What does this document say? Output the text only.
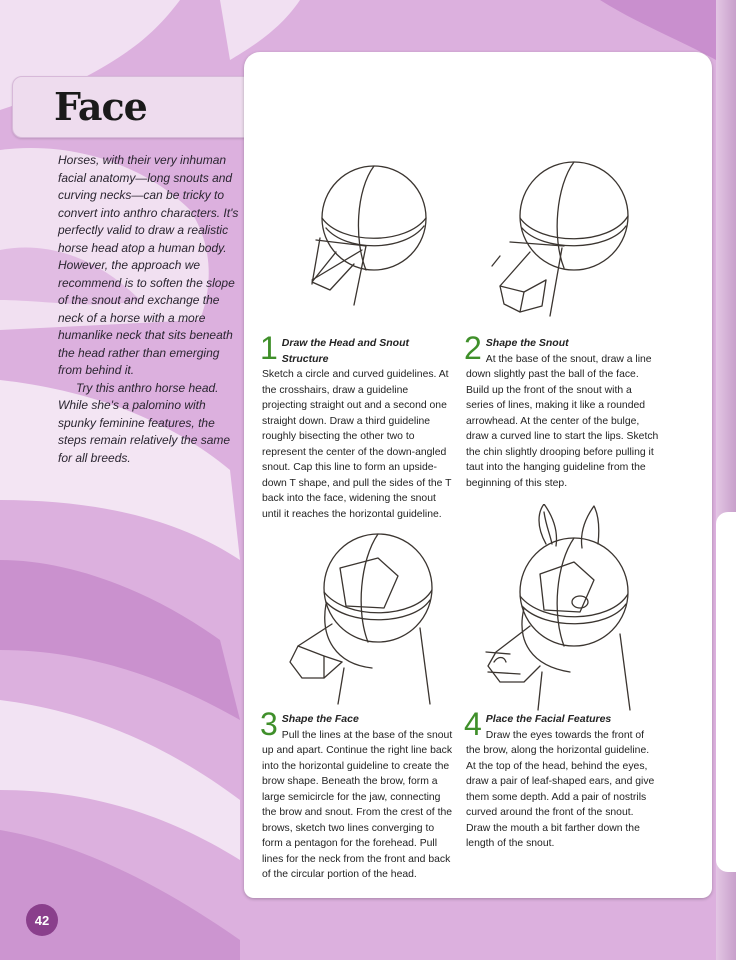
Face

Horses, with their very inhuman facial anatomy—long snouts and curving necks—can be tricky to convert into anthro characters. It's perfectly valid to draw a realistic horse head atop a human body. However, the approach we recommend is to soften the slope of the snout and exchange the neck of a horse with a more humanlike neck that sits beneath the head rather than emerging from behind it.

Try this anthro horse head. While she's a palomino with spunky feminine features, the steps remain relatively the same for all breeds.

1 Draw the Head and Snout Structure
Sketch a circle and curved guidelines. At the crosshairs, draw a guideline projecting straight out and a second one straight down. Draw a third guideline roughly bisecting the other two to represent the center of the down-angled snout. Cap this line to form an upside-down T shape, and pull the sides of the T back into the face, widening the snout until it reaches the horizontal guideline.
2 Shape the Snout
At the base of the snout, draw a line down slightly past the ball of the face. Build up the front of the snout with a series of lines, making it like a rounded arrowhead. At the center of the bulge, draw a curved line to start the lips. Sketch the chin slightly drooping before pulling it taut into the hanging guideline from the beginning of this step.
3 Shape the Face
Pull the lines at the base of the snout up and apart. Continue the right line back into the horizontal guideline to create the brow shape. Beneath the brow, form a large semicircle for the jaw, connecting the brow and snout. From the crest of the brows, sketch two lines converging to form a pentagon for the forehead. Pull lines for the neck from the front and back of the circular portion of the head.
4 Place the Facial Features
Draw the eyes towards the front of the brow, along the horizontal guideline. At the top of the head, behind the eyes, draw a pair of leaf-shaped ears, and give them some depth. Add a pair of nostrils curved around the front of the snout. Draw the mouth a bit farther down the length of the snout.
42
